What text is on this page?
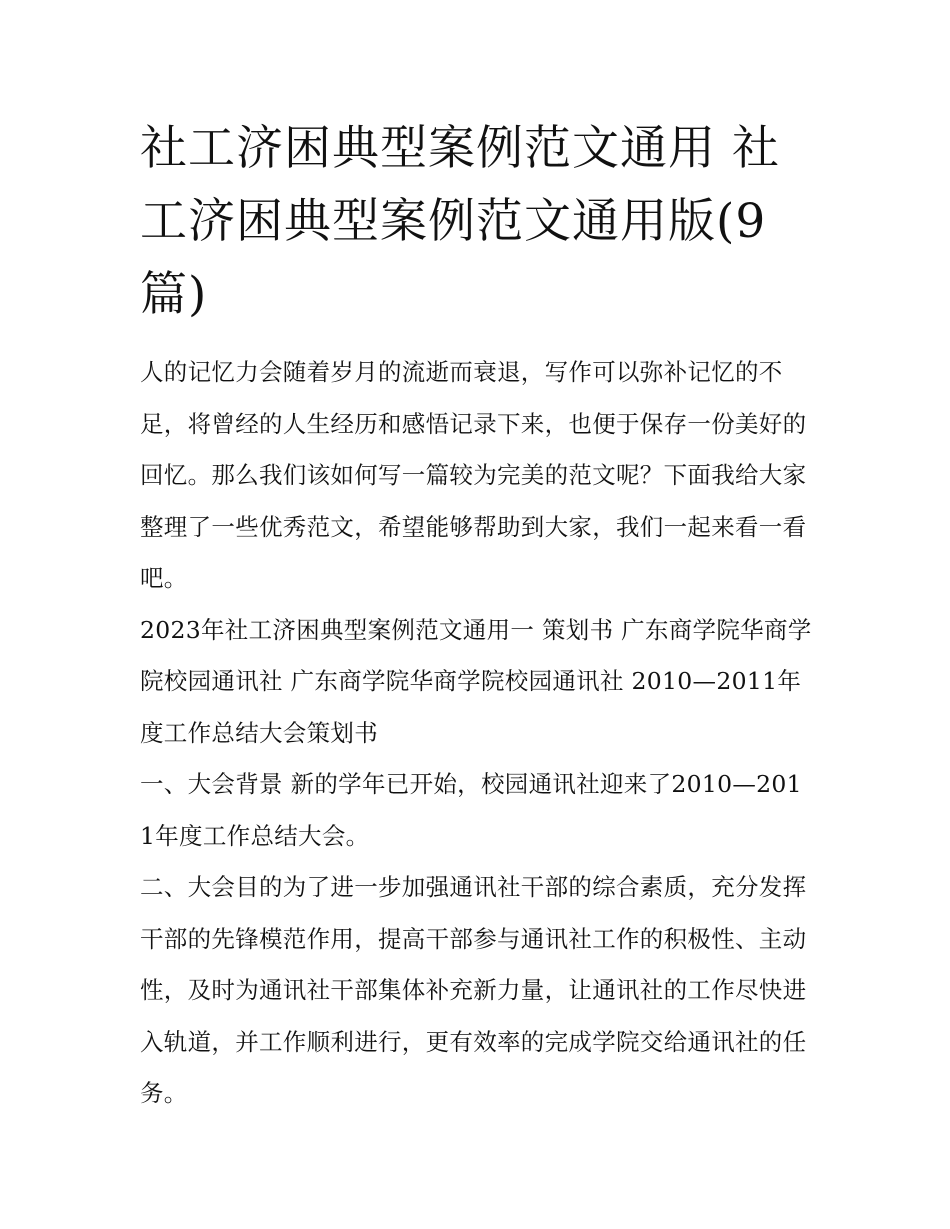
社工济困典型案例范文通用 社工济困典型案例范文通用版(9篇)

人的记忆力会随着岁月的流逝而衰退，写作可以弥补记忆的不足，将曾经的人生经历和感悟记录下来，也便于保存一份美好的回忆。那么我们该如何写一篇较为完美的范文呢？下面我给大家整理了一些优秀范文，希望能够帮助到大家，我们一起来看一看吧。

2023年社工济困典型案例范文通用一 策划书 广东商学院华商学院校园通讯社 广东商学院华商学院校园通讯社 2010—2011年度工作总结大会策划书

一、大会背景 新的学年已开始，校园通讯社迎来了2010—2011年度工作总结大会。

二、大会目的为了进一步加强通讯社干部的综合素质，充分发挥干部的先锋模范作用，提高干部参与通讯社工作的积极性、主动性，及时为通讯社干部集体补充新力量，让通讯社的工作尽快进入轨道，并工作顺利进行，更有效率的完成学院交给通讯社的任务。
